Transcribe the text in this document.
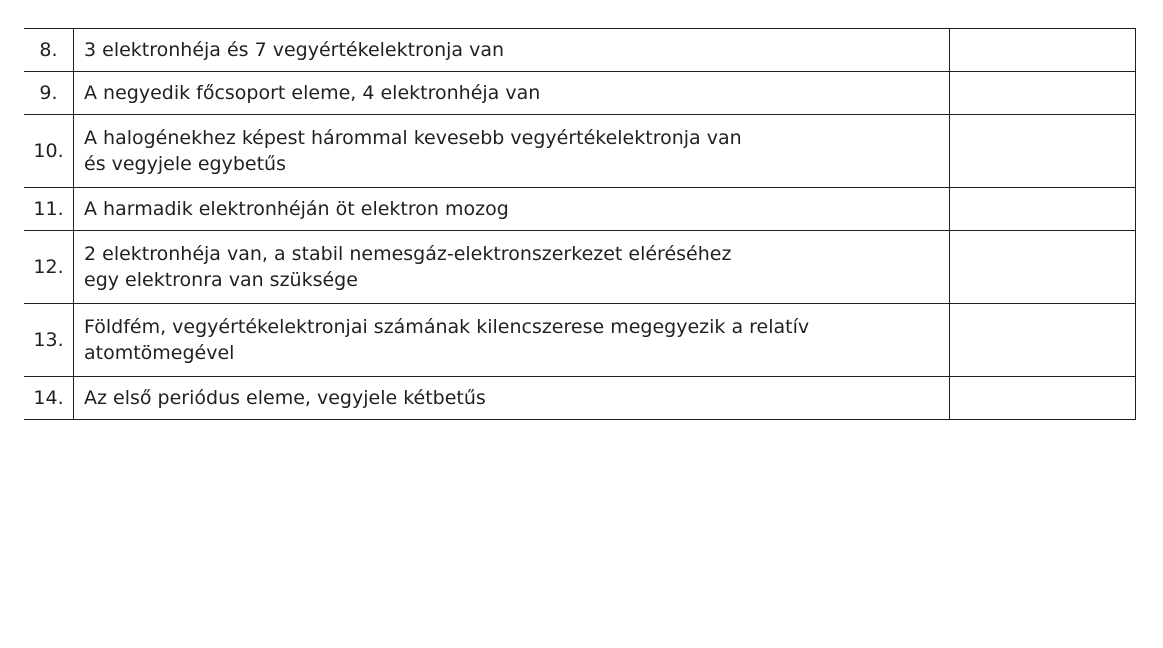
8.	3 elektronhéja és 7 vegyértékelektronja van	

9.	A negyedik főcsoport eleme, 4 elektronhéja van	

10.	A halogénekhez képest hárommal kevesebb vegyértékelektronja van
és vegyjele egybetűs	

11.	A harmadik elektronhéján öt elektron mozog	

12.	2 elektronhéja van, a stabil nemesgáz-elektronszerkezet eléréséhez
egy elektronra van szüksége	

13.	Földfém, vegyértékelektronjai számának kilencszerese megegyezik a relatív
atomtömegével	

14.	Az első periódus eleme, vegyjele kétbetűs	
